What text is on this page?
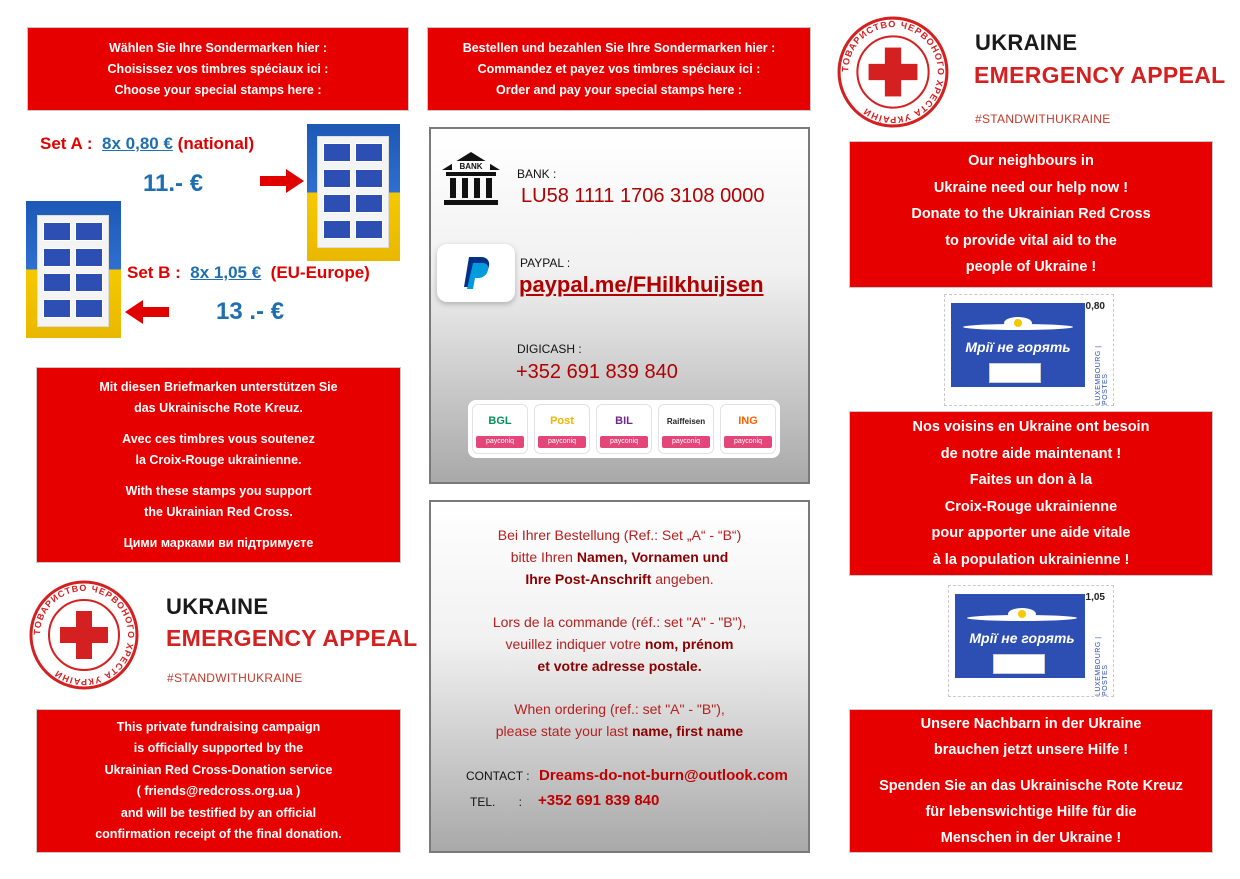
Wählen Sie Ihre Sondermarken hier :
Choisissez vos timbres spéciaux ici :
Choose your special stamps here :
Set A : 8x 0,80 € (national)
11.- €
Set B : 8x 1,05 € (EU-Europe)
13 .- €
Mit diesen Briefmarken unterstützen Sie
das Ukrainische Rote Kreuz.
Avec ces timbres vous soutenez
la Croix-Rouge ukrainienne.
With these stamps you support
the Ukrainian Red Cross.
Цими марками ви підтримуєте
ТОВАРИСТВО ЧЕРВОНОГО ХРЕСТА УКРАЇНИ
UKRAINE
EMERGENCY APPEAL
#STANDWITHUKRAINE
This private fundraising campaign
is officially supported by the
Ukrainian Red Cross-Donation service
( friends@redcross.org.ua )
and will be testified by an official
confirmation receipt of the final donation.
Bestellen und bezahlen Sie Ihre Sondermarken hier :
Commandez et payez vos timbres spéciaux ici :
Order and pay your special stamps here :
BANK
BANK :
LU58 1111 1706 3108 0000
PAYPAL :
paypal.me/FHilkhuijsen
DIGICASH :
+352 691 839 840
BGL
payconiq
Post
payconiq
BIL
payconiq
Raiffeisen
payconiq
ING
payconiq
Bei Ihrer Bestellung (Ref.: Set „A“ - “B“)
bitte Ihren Namen, Vornamen und
Ihre Post-Anschrift angeben.
Lors de la commande (réf.: set "A" - "B"),
veuillez indiquer votre nom, prénom
et votre adresse postale.
When ordering (ref.: set "A" - "B"),
please state your last name, first name
CONTACT : Dreams-do-not-burn@outlook.com
TEL.       : +352 691 839 840
ТОВАРИСТВО ЧЕРВОНОГО ХРЕСТА УКРАЇНИ
UKRAINE
EMERGENCY APPEAL
#STANDWITHUKRAINE
Our neighbours in
Ukraine need our help now !
Donate to the Ukrainian Red Cross
to provide vital aid to the
people of Ukraine !
Мрії не горять
0,80
LUXEMBOURG | POSTES
Nos voisins en Ukraine ont besoin
de notre aide maintenant !
Faites un don à la
Croix-Rouge ukrainienne
pour apporter une aide vitale
à la population ukrainienne !
Мрії не горять
1,05
LUXEMBOURG | POSTES
Unsere Nachbarn in der Ukraine
brauchen jetzt unsere Hilfe !
Spenden Sie an das Ukrainische Rote Kreuz
für lebenswichtige Hilfe für die
Menschen in der Ukraine !
